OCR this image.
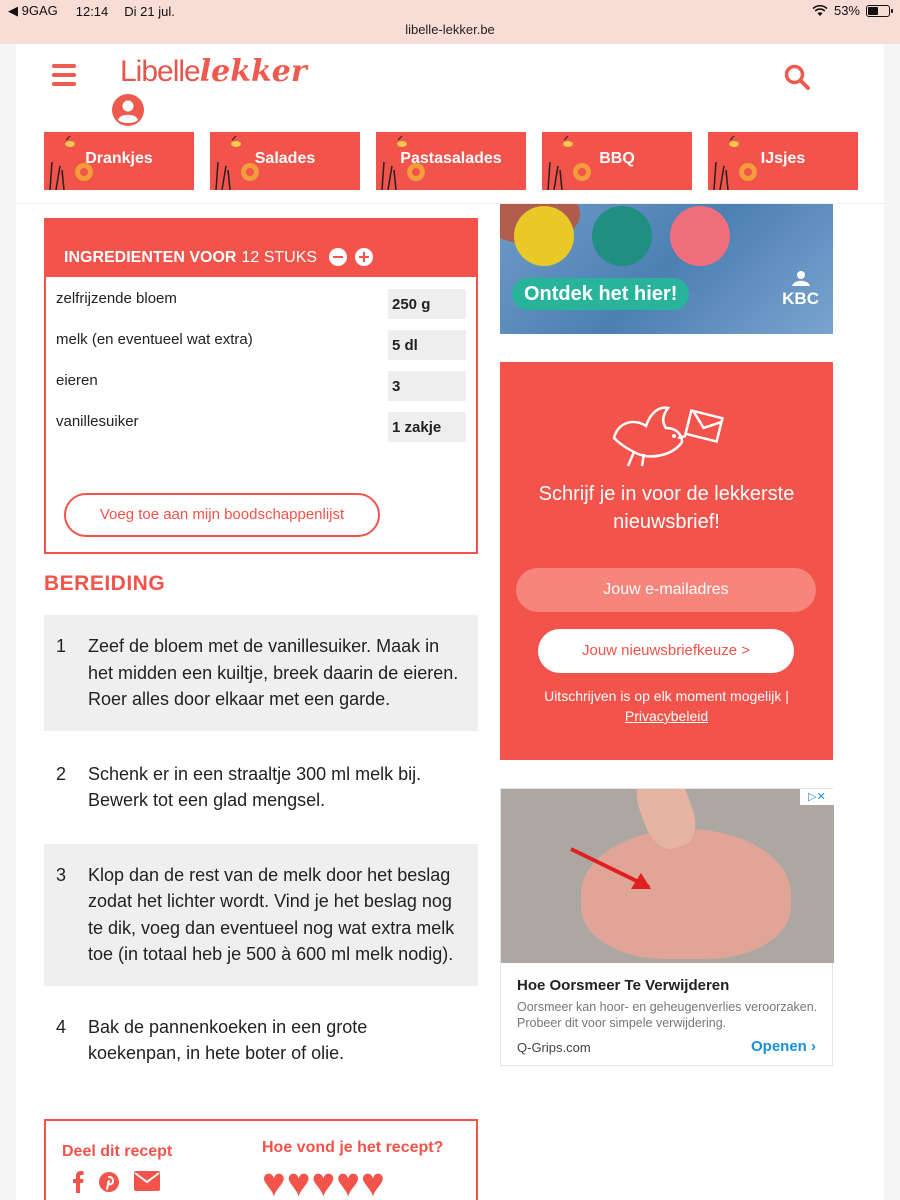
◀ 9GAG 12:14 Di 21 jul.	53%
libelle-lekker.be
Libellelekker
Drankjes	Salades	Pastasalades	BBQ	IJsjes
INGREDIENTEN VOOR 12 STUKS
zelfrijzende bloem	250 g
melk (en eventueel wat extra)	5 dl
eieren	3
vanillesuiker	1 zakje
Voeg toe aan mijn boodschappenlijst
BEREIDING
1	Zeef de bloem met de vanillesuiker. Maak in het midden een kuiltje, breek daarin de eieren. Roer alles door elkaar met een garde.
2	Schenk er in een straaltje 300 ml melk bij. Bewerk tot een glad mengsel.
3	Klop dan de rest van de melk door het beslag zodat het lichter wordt. Vind je het beslag nog te dik, voeg dan eventueel nog wat extra melk toe (in totaal heb je 500 à 600 ml melk nodig).
4	Bak de pannenkoeken in een grote koekenpan, in hete boter of olie.
Deel dit recept	Hoe vond je het recept?
♥ ♥ ♥ ♥ ♥
Ontdek het hier!	KBC
Schrijf je in voor de lekkerste nieuwsbrief!
Jouw e-mailadres
Jouw nieuwsbriefkeuze >
Uitschrijven is op elk moment mogelijk |
Privacybeleid
▷✕
Hoe Oorsmeer Te Verwijderen
Oorsmeer kan hoor- en geheugenverlies veroorzaken. Probeer dit voor simpele verwijdering.
Q-Grips.com	Openen ›
